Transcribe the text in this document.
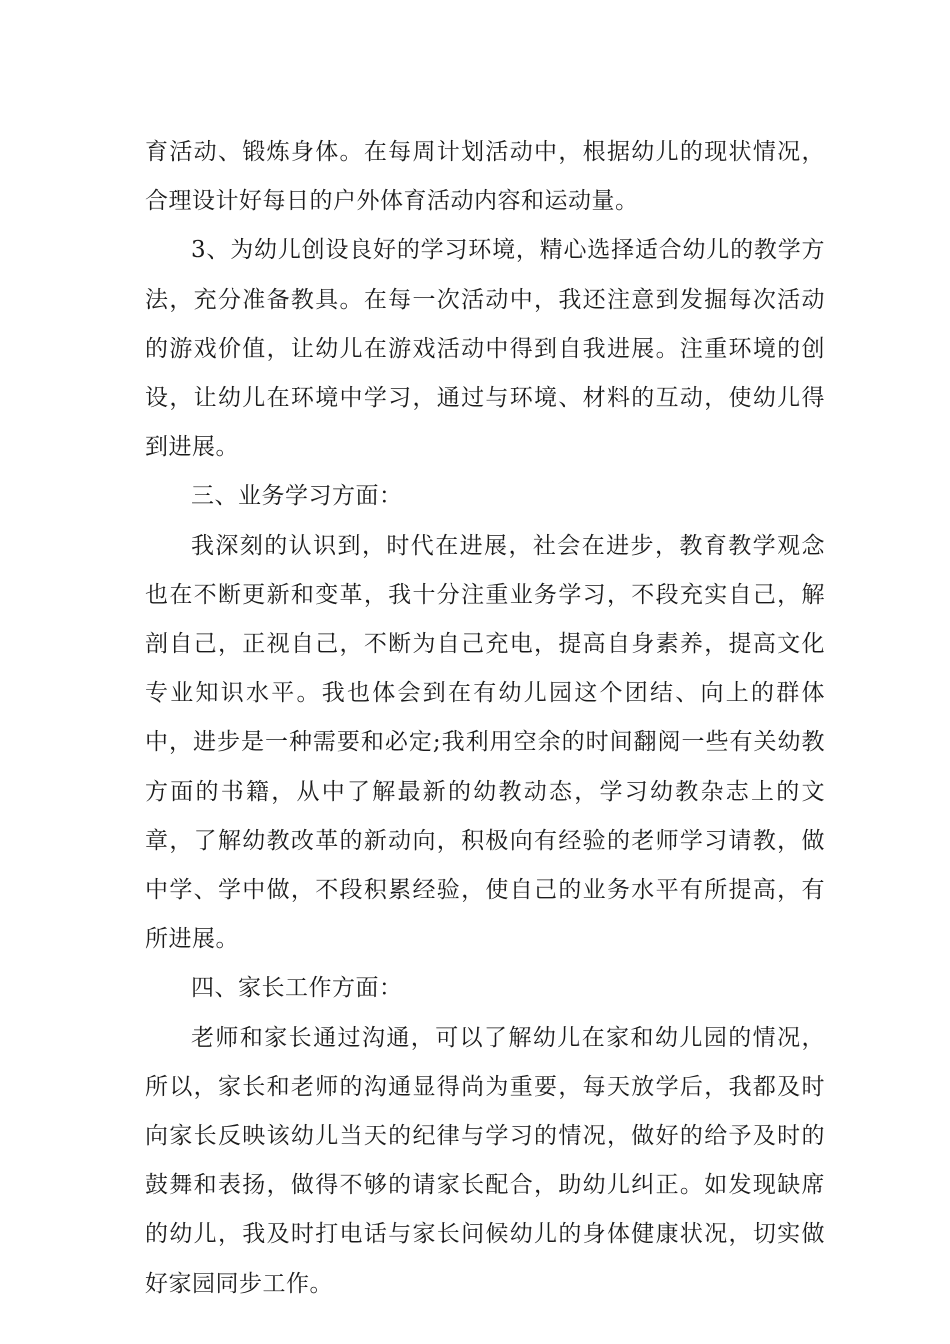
育活动、锻炼身体。在每周计划活动中，根据幼儿的现状情况，合理设计好每日的户外体育活动内容和运动量。

3、为幼儿创设良好的学习环境，精心选择适合幼儿的教学方法，充分准备教具。在每一次活动中，我还注意到发掘每次活动的游戏价值，让幼儿在游戏活动中得到自我进展。注重环境的创设，让幼儿在环境中学习，通过与环境、材料的互动，使幼儿得到进展。

三、业务学习方面：

我深刻的认识到，时代在进展，社会在进步，教育教学观念也在不断更新和变革，我十分注重业务学习，不段充实自己，解剖自己，正视自己，不断为自己充电，提高自身素养，提高文化专业知识水平。我也体会到在有幼儿园这个团结、向上的群体中，进步是一种需要和必定;我利用空余的时间翻阅一些有关幼教方面的书籍，从中了解最新的幼教动态，学习幼教杂志上的文章，了解幼教改革的新动向，积极向有经验的老师学习请教，做中学、学中做，不段积累经验，使自己的业务水平有所提高，有所进展。

四、家长工作方面：

老师和家长通过沟通，可以了解幼儿在家和幼儿园的情况，所以，家长和老师的沟通显得尚为重要，每天放学后，我都及时向家长反映该幼儿当天的纪律与学习的情况，做好的给予及时的鼓舞和表扬，做得不够的请家长配合，助幼儿纠正。如发现缺席的幼儿，我及时打电话与家长问候幼儿的身体健康状况，切实做好家园同步工作。
